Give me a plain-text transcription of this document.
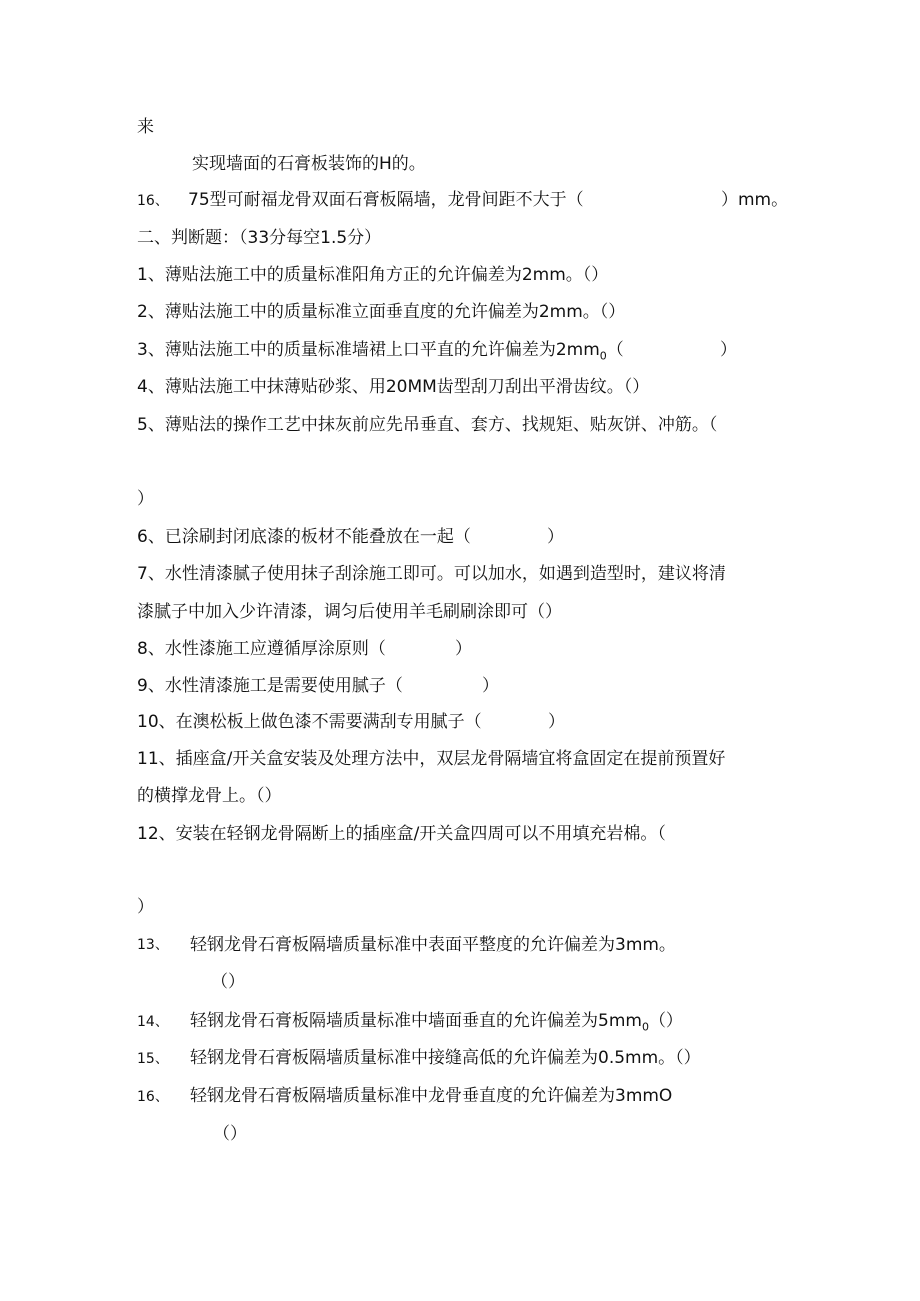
来
实现墙面的石膏板装饰的H的。
16、 75型可耐福龙骨双面石膏板隔墙，龙骨间距不大于（	）mm。
二、判断题：（33分每空1.5分）
1、薄贴法施工中的质量标准阳角方正的允许偏差为2mm。（）
2、薄贴法施工中的质量标准立面垂直度的允许偏差为2mm。（）
3、薄贴法施工中的质量标准墙裙上口平直的允许偏差为$2mm_0$（	）
4、薄贴法施工中抹薄贴砂浆、用20MM齿型刮刀刮出平滑齿纹。（）
5、薄贴法的操作工艺中抹灰前应先吊垂直、套方、找规矩、贴灰饼、冲筋。（
）
6、已涂刷封闭底漆的板材不能叠放在一起（	）
7、水性清漆腻子使用抹子刮涂施工即可。可以加水，如遇到造型时，建议将清
漆腻子中加入少许清漆，调匀后使用羊毛刷刷涂即可（）
8、水性漆施工应遵循厚涂原则（	）
9、水性清漆施工是需要使用腻子（	）
10、在澳松板上做色漆不需要满刮专用腻子（	）
11、插座盒/开关盒安装及处理方法中，双层龙骨隔墙宜将盒固定在提前预置好
的横撑龙骨上。（）
12、安装在轻钢龙骨隔断上的插座盒/开关盒四周可以不用填充岩棉。（
）
13、 轻钢龙骨石膏板隔墙质量标准中表面平整度的允许偏差为3mm。
（）
14、 轻钢龙骨石膏板隔墙质量标准中墙面垂直的允许偏差为$5mm_0()$
15、 轻钢龙骨石膏板隔墙质量标准中接缝高低的允许偏差为0.5mm。（）
16、 轻钢龙骨石膏板隔墙质量标准中龙骨垂直度的允许偏差为3mmO
（）
